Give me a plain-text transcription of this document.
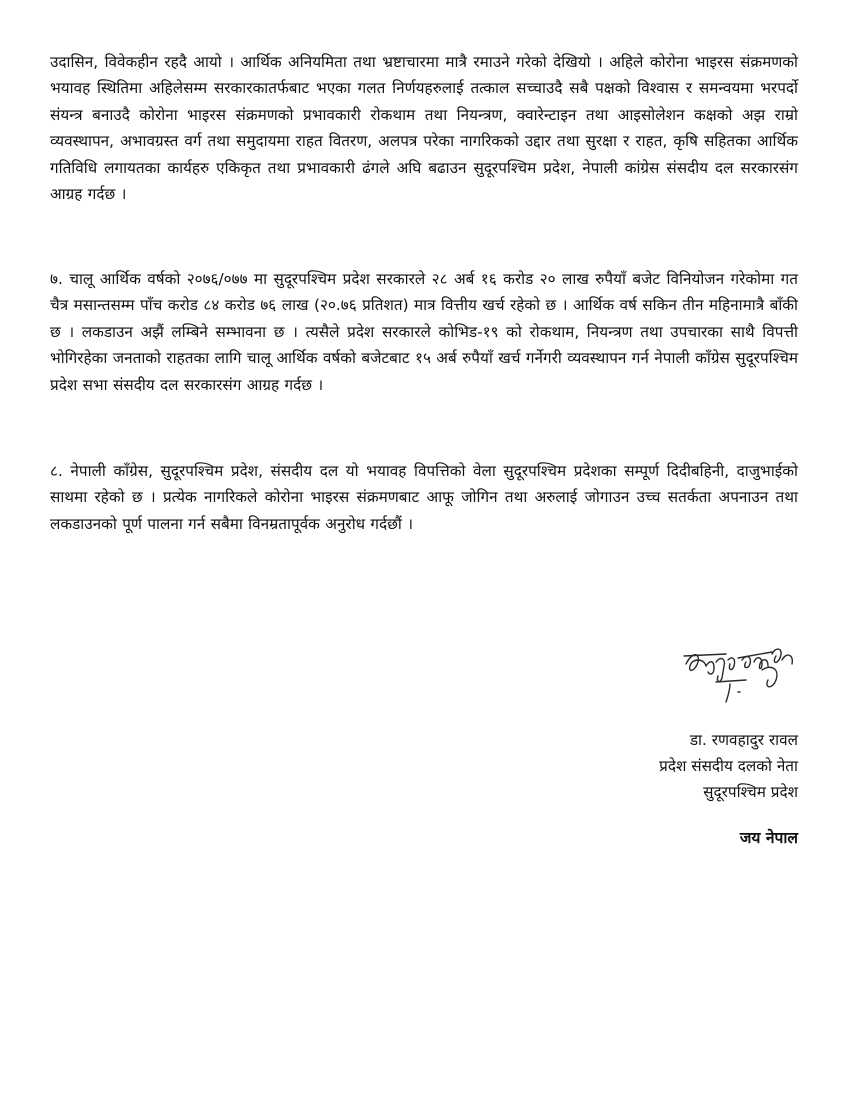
उदासिन, विवेकहीन रहदै आयो । आर्थिक अनियमिता तथा भ्रष्टाचारमा मात्रै रमाउने गरेको देखियो । अहिले कोरोना भाइरस संक्रमणको भयावह स्थितिमा अहिलेसम्म सरकारकातर्फबाट भएका गलत निर्णयहरुलाई तत्काल सच्चाउदै सबै पक्षको विश्वास र समन्वयमा भरपर्दो संयन्त्र बनाउदै कोरोना भाइरस संक्रमणको प्रभावकारी रोकथाम तथा नियन्त्रण, क्वारेन्टाइन तथा आइसोलेशन कक्षको अझ राम्रो व्यवस्थापन, अभावग्रस्त वर्ग तथा समुदायमा राहत वितरण, अलपत्र परेका नागरिकको उद्दार तथा सुरक्षा र राहत, कृषि सहितका आर्थिक गतिविधि लगायतका कार्यहरु एकिकृत तथा प्रभावकारी ढंगले अघि बढाउन सुदूरपश्चिम प्रदेश, नेपाली कांग्रेस संसदीय दल सरकारसंग आग्रह गर्दछ ।

७. चालू आर्थिक वर्षको २०७६/०७७ मा सुदूरपश्चिम प्रदेश सरकारले २८ अर्ब १६ करोड २० लाख रुपैयाँ बजेट विनियोजन गरेकोमा गत चैत्र मसान्तसम्म पाँच करोड ८४ करोड ७६ लाख (२०.७६ प्रतिशत) मात्र वित्तीय खर्च रहेको छ । आर्थिक वर्ष सकिन तीन महिनामात्रै बाँकी छ । लकडाउन अझैं लम्बिने सम्भावना छ । त्यसैले प्रदेश सरकारले कोभिड-१९ को रोकथाम, नियन्त्रण तथा उपचारका साथै विपत्ती भोगिरहेका जनताको राहतका लागि चालू आर्थिक वर्षको बजेटबाट १५ अर्ब रुपैयाँ खर्च गर्नेगरी व्यवस्थापन गर्न नेपाली काँग्रेस सुदूरपश्चिम प्रदेश सभा संसदीय दल सरकारसंग आग्रह गर्दछ ।

८. नेपाली काँग्रेस, सुदूरपश्चिम प्रदेश, संसदीय दल यो भयावह विपत्तिको वेला सुदूरपश्चिम प्रदेशका सम्पूर्ण दिदीबहिनी, दाजुभाईको साथमा रहेको छ । प्रत्येक नागरिकले कोरोना भाइरस संक्रमणबाट आफू जोगिन तथा अरुलाई जोगाउन उच्च सतर्कता अपनाउन तथा लकडाउनको पूर्ण पालना गर्न सबैमा विनम्रतापूर्वक अनुरोध गर्दछौं ।

डा. रणवहादुर रावल
प्रदेश संसदीय दलको नेता
सुदूरपश्चिम प्रदेश
जय नेपाल
